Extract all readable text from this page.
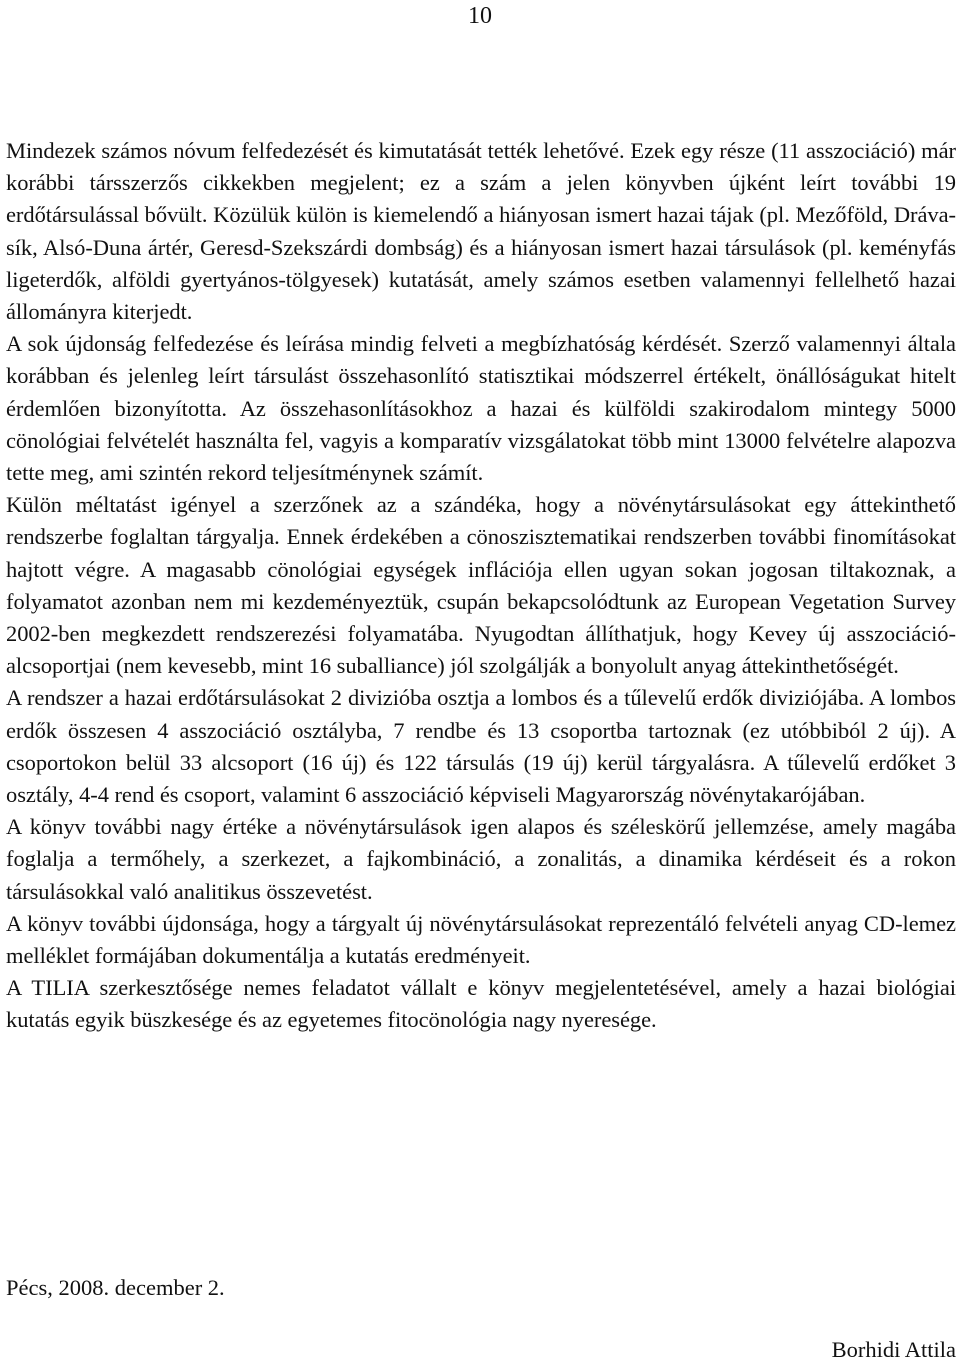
10

Mindezek számos nóvum felfedezését és kimutatását tették lehetővé. Ezek egy része (11 asszociáció) már korábbi társszerzős cikkekben megjelent; ez a szám a jelen könyvben újként leírt további 19 erdőtársulással bővült. Közülük külön is kiemelendő a hiányosan ismert hazai tájak (pl. Mezőföld, Dráva-sík, Alsó-Duna ártér, Geresd-Szekszárdi dombság) és a hiányosan ismert hazai társulások (pl. keményfás ligeterdők, alföldi gyertyános-tölgyesek) kutatását, amely számos esetben valamennyi fellelhető hazai állományra kiterjedt.

A sok újdonság felfedezése és leírása mindig felveti a megbízhatóság kérdését. Szerző valamennyi általa korábban és jelenleg leírt társulást összehasonlító statisztikai módszerrel értékelt, önállóságukat hitelt érdemlően bizonyította. Az összehasonlításokhoz a hazai és külföldi szakirodalom mintegy 5000 cönológiai felvételét használta fel, vagyis a komparatív vizsgálatokat több mint 13000 felvételre alapozva tette meg, ami szintén rekord teljesítménynek számít.

Külön méltatást igényel a szerzőnek az a szándéka, hogy a növénytársulásokat egy áttekinthető rendszerbe foglaltan tárgyalja. Ennek érdekében a cönoszisztematikai rendszerben további finomításokat hajtott végre. A magasabb cönológiai egységek inflációja ellen ugyan sokan jogosan tiltakoznak, a folyamatot azonban nem mi kezdeményeztük, csupán bekapcsolódtunk az European Vegetation Survey 2002-ben megkezdett rendszerezési folyamatába. Nyugodtan állíthatjuk, hogy Kevey új asszociációalcsoportjai (nem kevesebb, mint 16 suballiance) jól szolgálják a bonyolult anyag áttekinthetőségét.

A rendszer a hazai erdőtársulásokat 2 divizióba osztja a lombos és a tűlevelű erdők diviziójába. A lombos erdők összesen 4 asszociáció osztályba, 7 rendbe és 13 csoportba tartoznak (ez utóbbiból 2 új). A csoportokon belül 33 alcsoport (16 új) és 122 társulás (19 új) kerül tárgyalásra. A tűlevelű erdőket 3 osztály, 4-4 rend és csoport, valamint 6 asszociáció képviseli Magyarország növénytakarójában.

A könyv további nagy értéke a növénytársulások igen alapos és széleskörű jellemzése, amely magába foglalja a termőhely, a szerkezet, a fajkombináció, a zonalitás, a dinamika kérdéseit és a rokon társulásokkal való analitikus összevetést.

A könyv további újdonsága, hogy a tárgyalt új növénytársulásokat reprezentáló felvételi anyag CD-lemez melléklet formájában dokumentálja a kutatás eredményeit.

A TILIA szerkesztősége nemes feladatot vállalt e könyv megjelentetésével, amely a hazai biológiai kutatás egyik büszkesége és az egyetemes fitocönológia nagy nyeresége.

Pécs, 2008. december 2.
Borhidi Attila
